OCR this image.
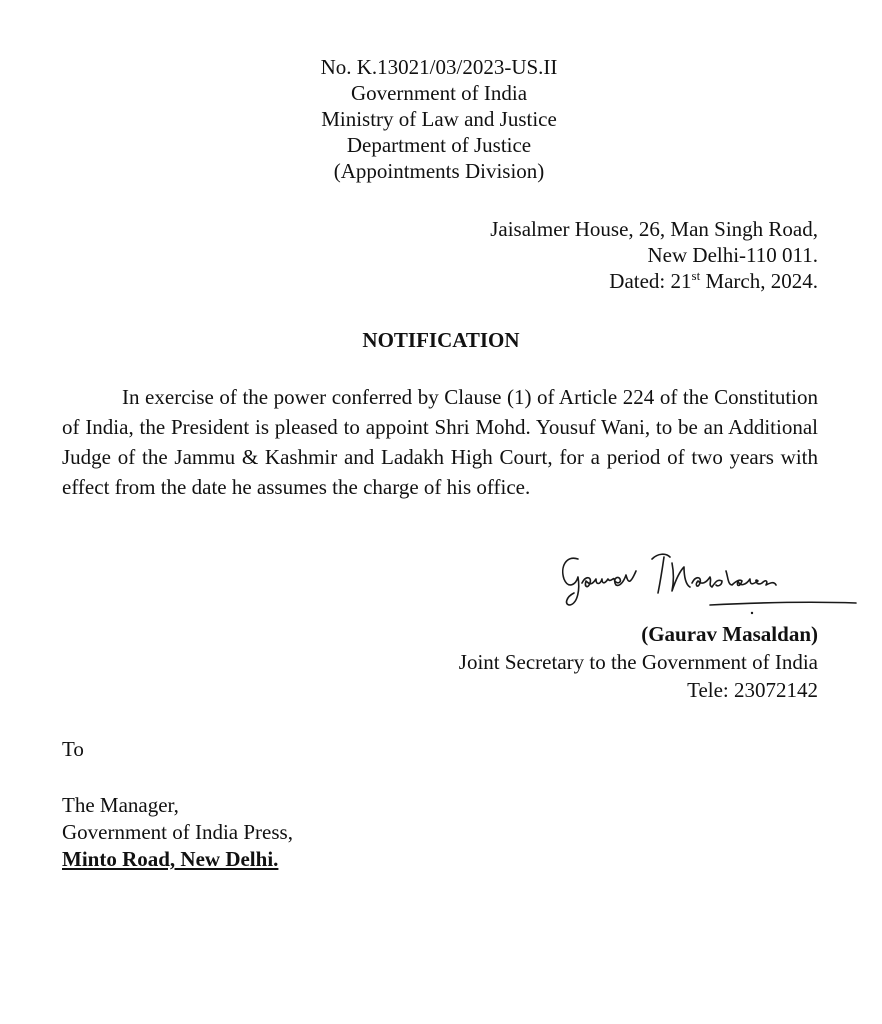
No. K.13021/03/2023-US.II
Government of India
Ministry of Law and Justice
Department of Justice
(Appointments Division)
Jaisalmer House, 26, Man Singh Road,
New Delhi-110 011.
Dated: 21st March, 2024.
NOTIFICATION
In exercise of the power conferred by Clause (1) of Article 224 of the Constitution of India, the President is pleased to appoint Shri Mohd. Yousuf Wani, to be an Additional Judge of the Jammu & Kashmir and Ladakh High Court, for a period of two years with effect from the date he assumes the charge of his office.
(Gaurav Masaldan)
Joint Secretary to the Government of India
Tele: 23072142
To
The Manager,
Government of India Press,
Minto Road, New Delhi.
